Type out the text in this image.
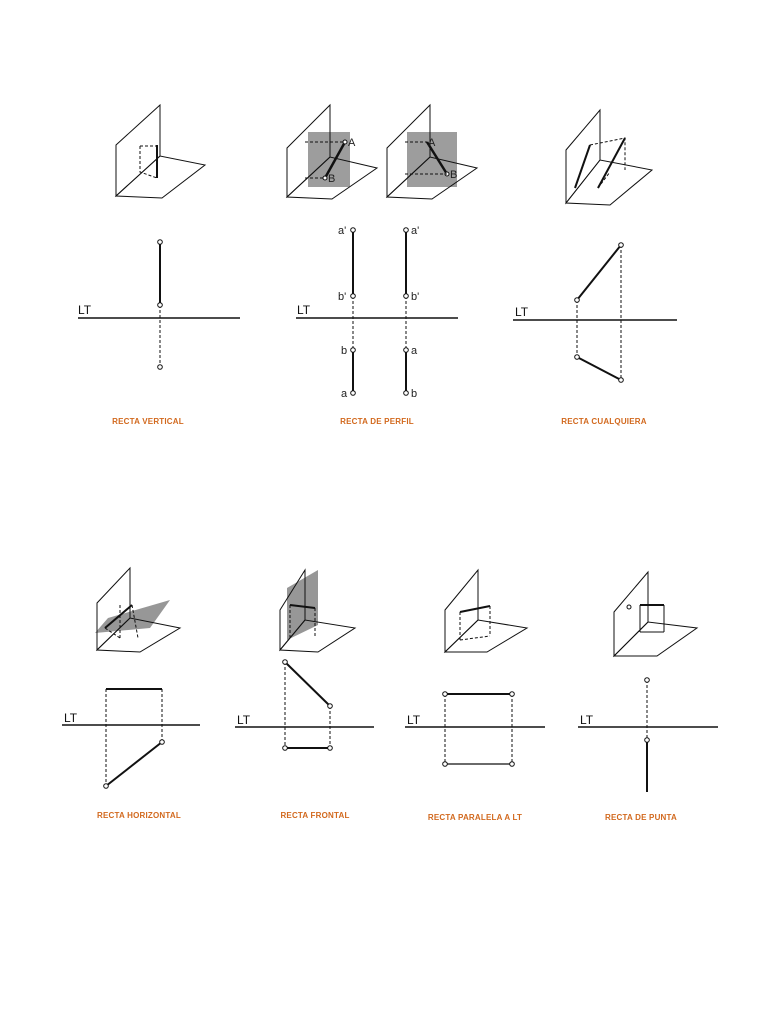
LT	LT	LT
LT	LT	LT	LT
A
B
A
B
a'
b'
b
a
a'
b'
a
b
RECTA VERTICAL	RECTA DE PERFIL	RECTA CUALQUIERA
RECTA HORIZONTAL	RECTA FRONTAL	RECTA PARALELA A LT	RECTA DE PUNTA
